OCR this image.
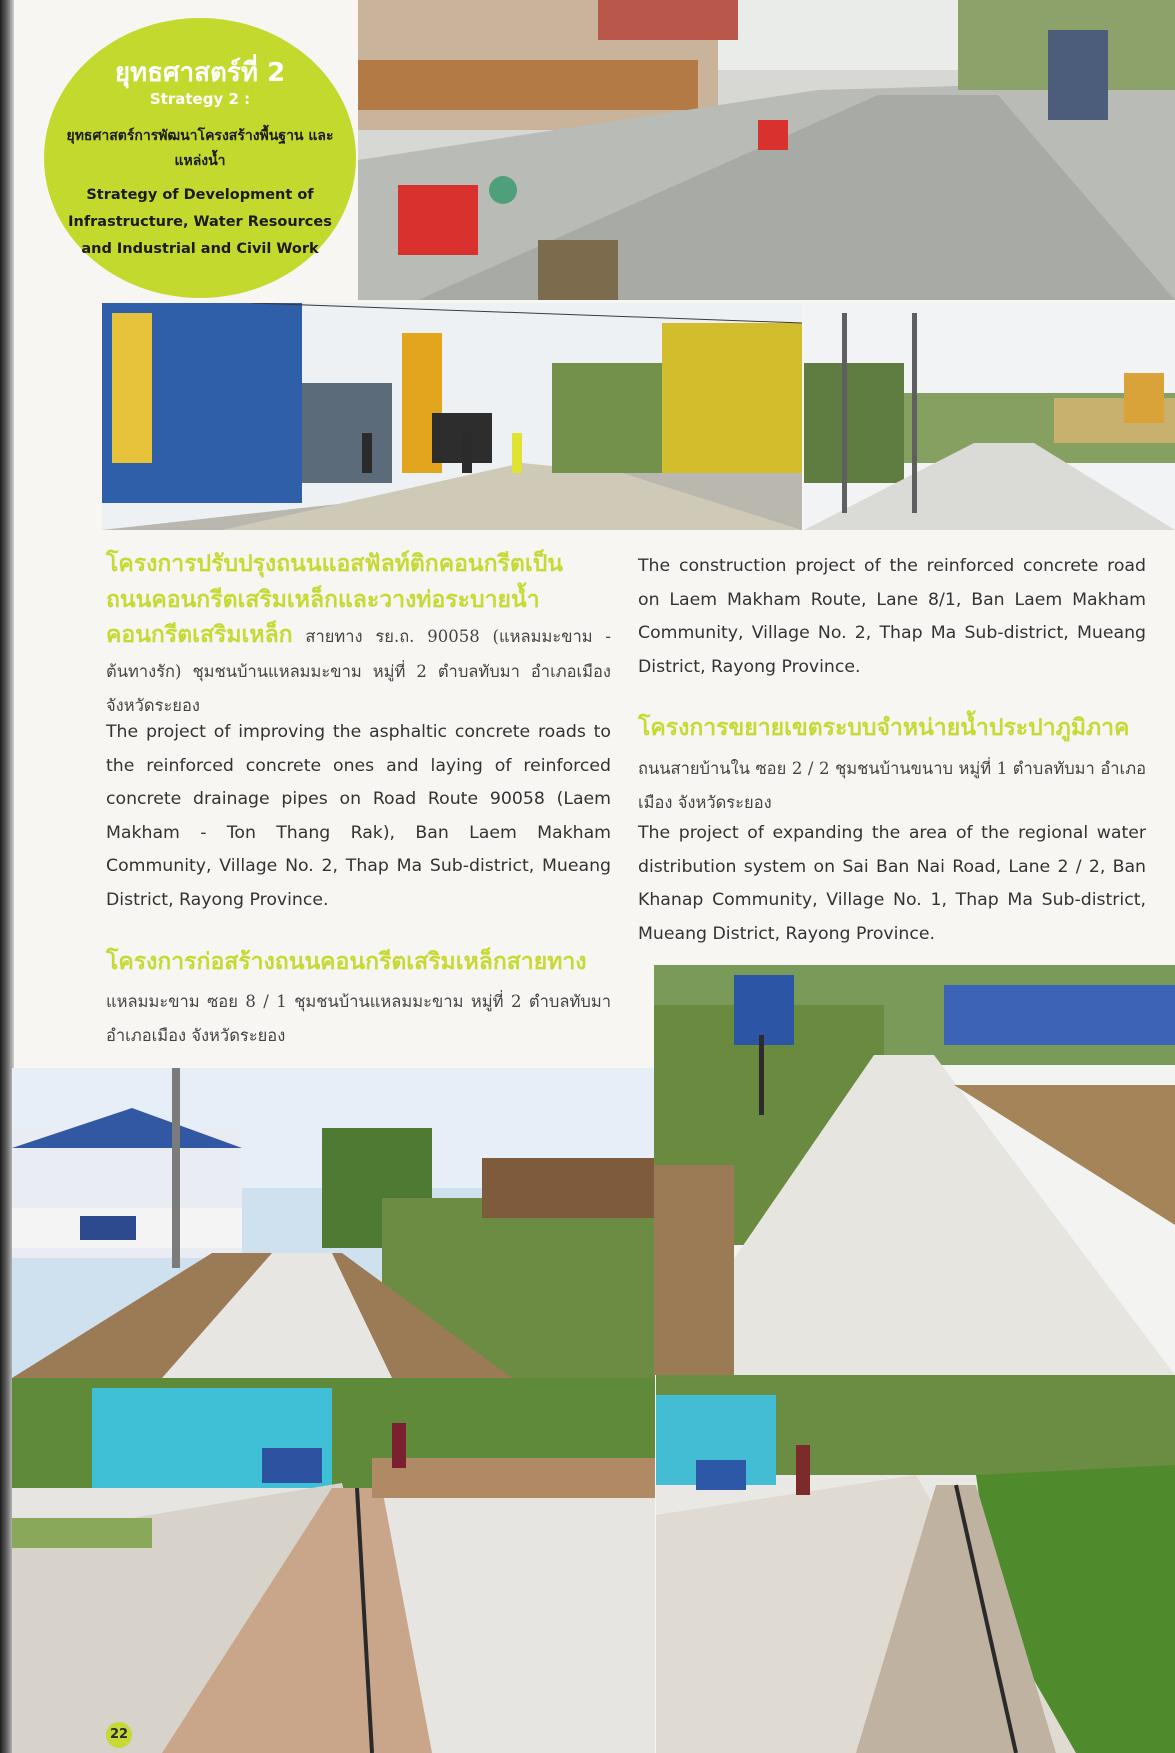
ยุทธศาสตร์ที่ 2
Strategy 2 :
ยุทธศาสตร์การพัฒนาโครงสร้างพื้นฐาน และแหล่งน้ำ
Strategy of Development of Infrastructure, Water Resources and Industrial and Civil Work
โครงการปรับปรุงถนนแอสฟัลท์ติกคอนกรีตเป็น ถนนคอนกรีตเสริมเหล็กและวางท่อระบายน้ำ คอนกรีตเสริมเหล็ก สายทาง รย.ถ. 90058 (แหลมมะขาม - ต้นทางรัก) ชุมชนบ้านแหลมมะขาม หมู่ที่ 2 ตำบลทับมา อำเภอเมือง จังหวัดระยอง
The project of improving the asphaltic concrete roads to the reinforced concrete ones and laying of reinforced concrete drainage pipes on Road Route 90058 (Laem Makham - Ton Thang Rak), Ban Laem Makham Community, Village No. 2, Thap Ma Sub-district, Mueang District, Rayong Province.
โครงการก่อสร้างถนนคอนกรีตเสริมเหล็กสายทาง
แหลมมะขาม ซอย 8 / 1 ชุมชนบ้านแหลมมะขาม หมู่ที่ 2 ตำบลทับมา อำเภอเมือง จังหวัดระยอง
The construction project of the reinforced concrete road on Laem Makham Route, Lane 8/1, Ban Laem Makham Community, Village No. 2, Thap Ma Sub-district, Mueang District, Rayong Province.
โครงการขยายเขตระบบจำหน่ายน้ำประปาภูมิภาค
ถนนสายบ้านใน ซอย 2 / 2 ชุมชนบ้านขนาบ หมู่ที่ 1 ตำบลทับมา อำเภอเมือง จังหวัดระยอง
The project of expanding the area of the regional water distribution system on Sai Ban Nai Road, Lane 2 / 2, Ban Khanap Community, Village No. 1, Thap Ma Sub-district, Mueang District, Rayong Province.
22
